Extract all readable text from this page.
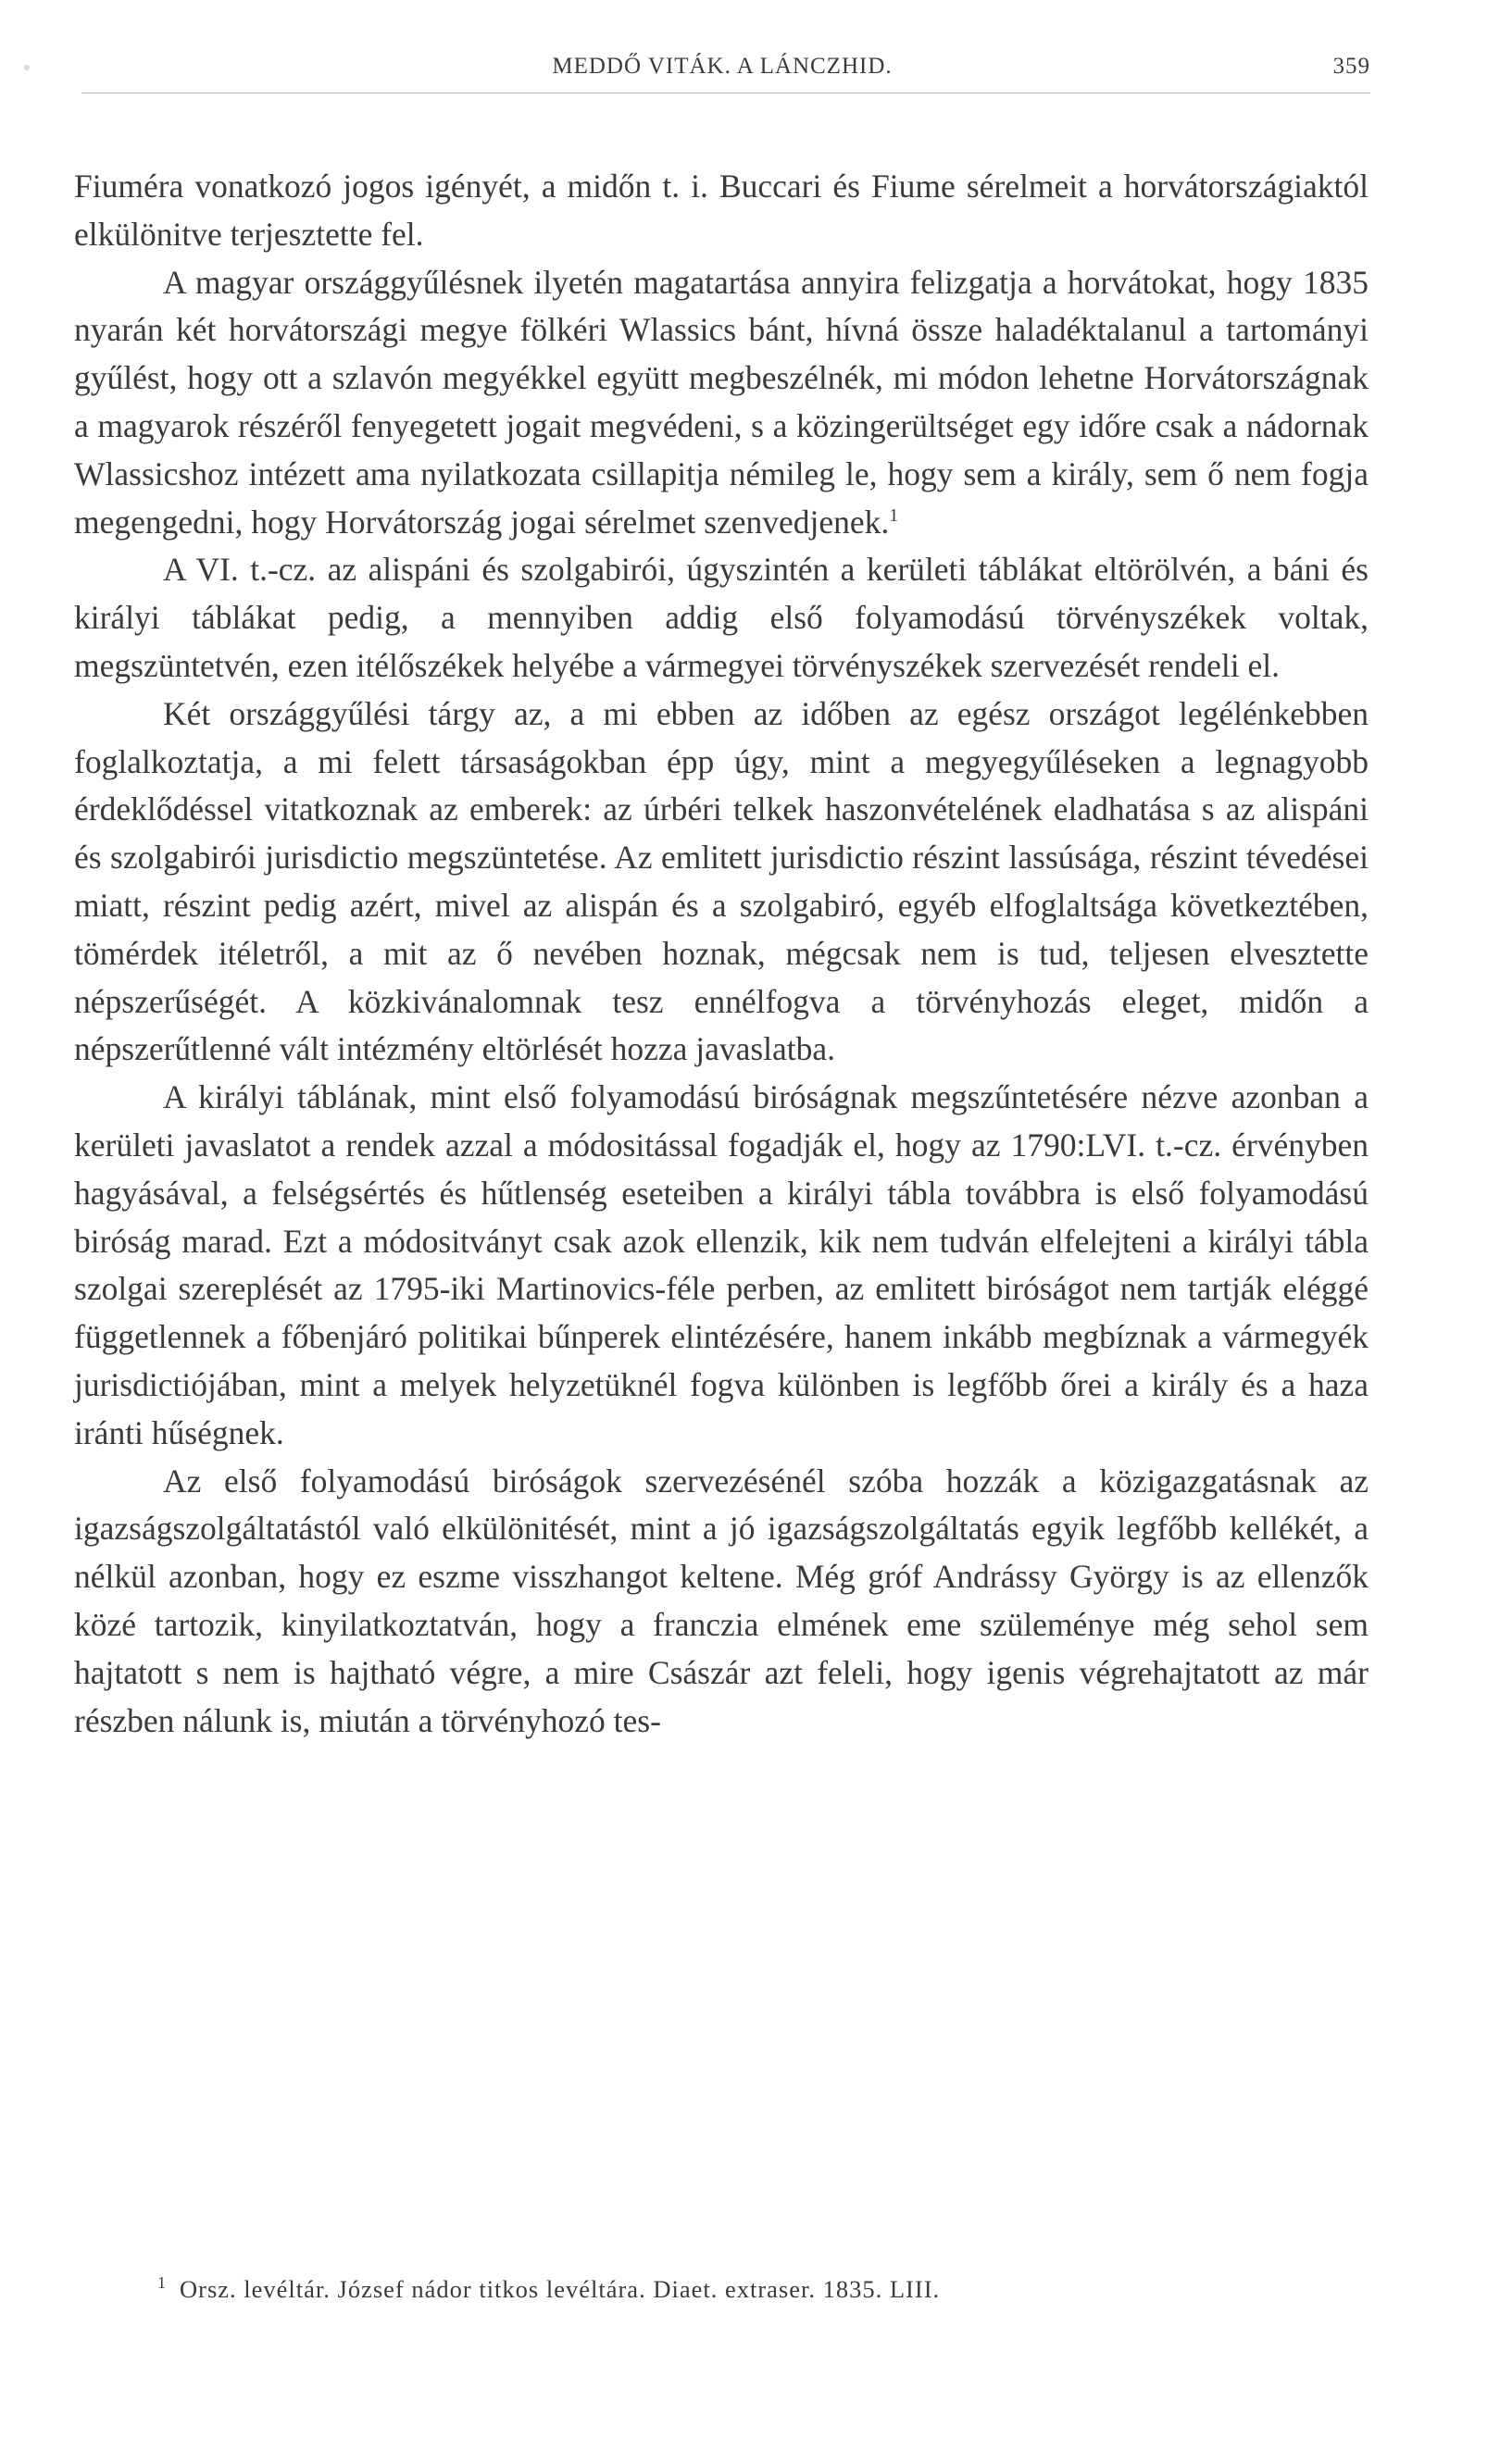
MEDDŐ VITÁK. A LÁNCZHID.	359

Fiuméra vonatkozó jogos igényét, a midőn t. i. Buccari és Fiume sérelmeit a horvátországiaktól elkülönitve terjesztette fel.

A magyar országgyűlésnek ilyetén magatartása annyira felizgatja a horvátokat, hogy 1835 nyarán két horvátországi megye fölkéri Wlassics bánt, hívná össze haladéktalanul a tartományi gyűlést, hogy ott a szlavón megyékkel együtt megbeszélnék, mi módon lehetne Horvátországnak a magyarok részéről fenyegetett jogait megvédeni, s a közingerültséget egy időre csak a nádornak Wlassicshoz intézett ama nyilatkozata csillapitja némileg le, hogy sem a király, sem ő nem fogja megengedni, hogy Horvátország jogai sérelmet szenvedjenek.$^1$

A VI. t.-cz. az alispáni és szolgabirói, úgyszintén a kerületi táblákat eltörölvén, a báni és királyi táblákat pedig, a mennyiben addig első folyamodású törvényszékek voltak, megszüntetvén, ezen itélőszékek helyébe a vármegyei törvényszékek szervezését rendeli el.

Két országgyűlési tárgy az, a mi ebben az időben az egész országot legélénkebben foglalkoztatja, a mi felett társaságokban épp úgy, mint a megyegyűléseken a legnagyobb érdeklődéssel vitatkoznak az emberek: az úrbéri telkek haszonvételének eladhatása s az alispáni és szolgabirói jurisdictio megszüntetése. Az emlitett jurisdictio részint lassúsága, részint tévedései miatt, részint pedig azért, mivel az alispán és a szolgabiró, egyéb elfoglaltsága következtében, tömérdek itéletről, a mit az ő nevében hoznak, mégcsak nem is tud, teljesen elvesztette népszerűségét. A közkivánalomnak tesz ennélfogva a törvényhozás eleget, midőn a népszerűtlenné vált intézmény eltörlését hozza javaslatba.

A királyi táblának, mint első folyamodású biróságnak megszűntetésére nézve azonban a kerületi javaslatot a rendek azzal a módositással fogadják el, hogy az 1790:LVI. t.-cz. érvényben hagyásával, a felségsértés és hűtlenség eseteiben a királyi tábla továbbra is első folyamodású biróság marad. Ezt a módositványt csak azok ellenzik, kik nem tudván elfelejteni a királyi tábla szolgai szereplését az 1795-iki Martinovics-féle perben, az emlitett biróságot nem tartják eléggé függetlennek a főbenjáró politikai bűnperek elintézésére, hanem inkább megbíznak a vármegyék jurisdictiójában, mint a melyek helyzetüknél fogva különben is legfőbb őrei a király és a haza iránti hűségnek.

Az első folyamodású biróságok szervezésénél szóba hozzák a közigazgatásnak az igazságszolgáltatástól való elkülönitését, mint a jó igazságszolgáltatás egyik legfőbb kellékét, a nélkül azonban, hogy ez eszme visszhangot keltene. Még gróf Andrássy György is az ellenzők közé tartozik, kinyilatkoztatván, hogy a franczia elmének eme szüleménye még sehol sem hajtatott s nem is hajtható végre, a mire Császár azt feleli, hogy igenis végrehajtatott az már részben nálunk is, miután a törvényhozó tes-

$^1$ Orsz. levéltár. József nádor titkos levéltára. Diaet. extraser. 1835. LIII.
